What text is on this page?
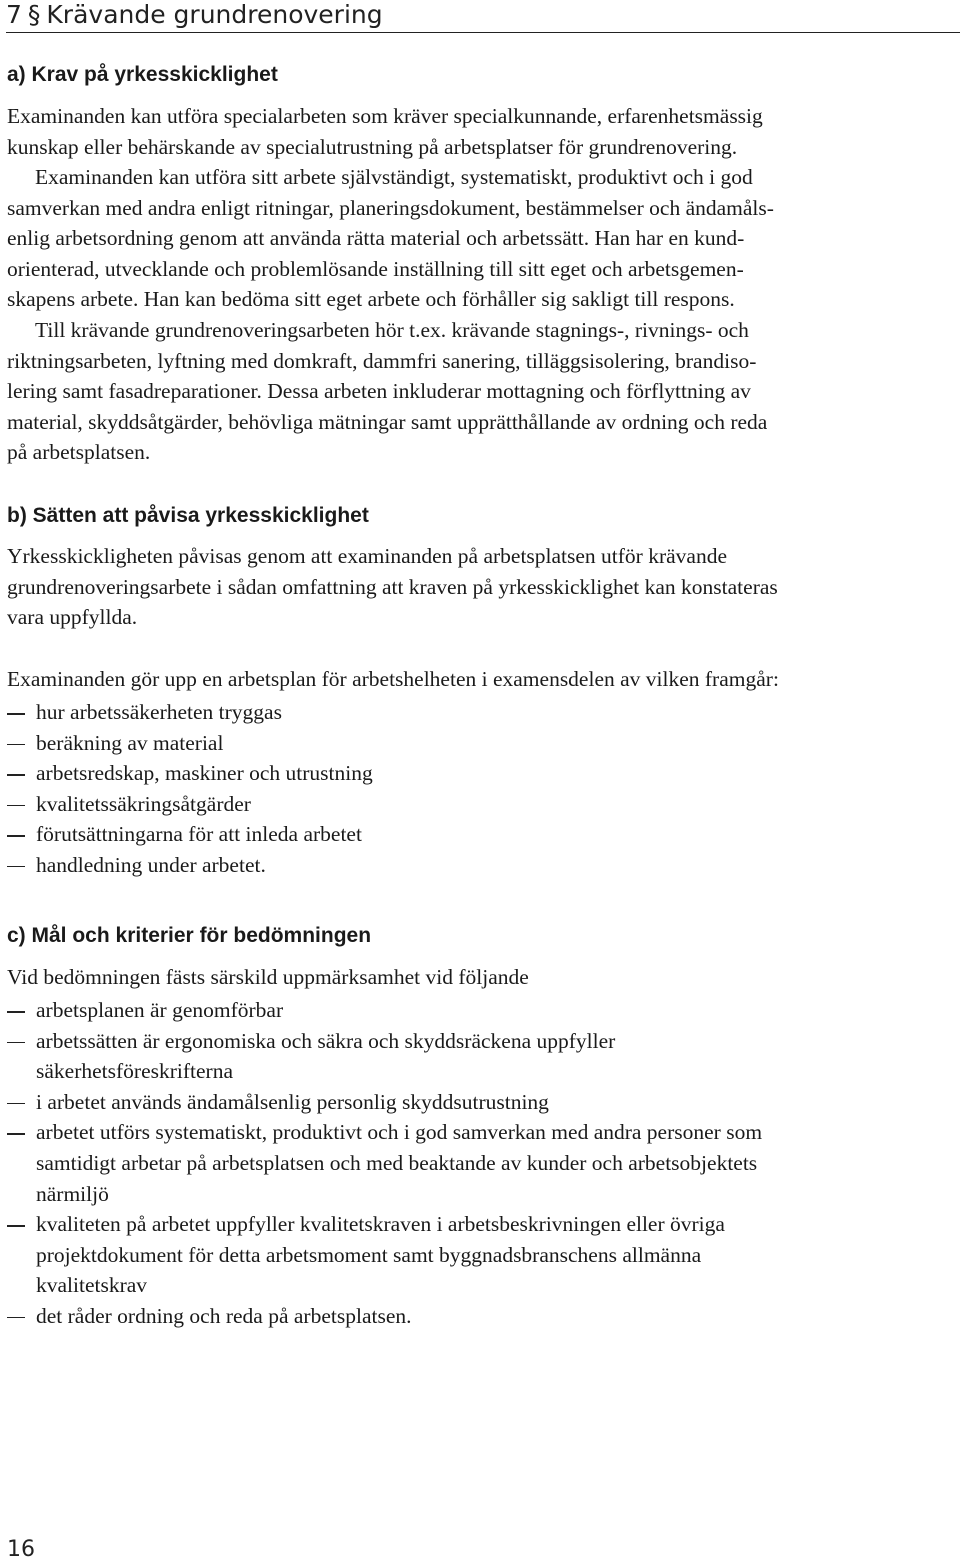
7 § Krävande grundrenovering
a) Krav på yrkesskicklighet
Examinanden kan utföra specialarbeten som kräver specialkunnande, erfarenhetsmässig
kunskap eller behärskande av specialutrustning på arbetsplatser för grundrenovering.
Examinanden kan utföra sitt arbete självständigt, systematiskt, produktivt och i god
samverkan med andra enligt ritningar, planeringsdokument, bestämmelser och ändamåls-
enlig arbetsordning genom att använda rätta material och arbetssätt. Han har en kund-
orienterad, utvecklande och problemlösande inställning till sitt eget och arbetsgemen-
skapens arbete. Han kan bedöma sitt eget arbete och förhåller sig sakligt till respons.
Till krävande grundrenoveringsarbeten hör t.ex. krävande stagnings-, rivnings- och
riktningsarbeten, lyftning med domkraft, dammfri sanering, tilläggsisolering, brandiso-
lering samt fasadreparationer. Dessa arbeten inkluderar mottagning och förflyttning av
material, skyddsåtgärder, behövliga mätningar samt upprätthållande av ordning och reda
på arbetsplatsen.
b) Sätten att påvisa yrkesskicklighet
Yrkesskickligheten påvisas genom att examinanden på arbetsplatsen utför krävande
grundrenoveringsarbete i sådan omfattning att kraven på yrkesskicklighet kan konstateras
vara uppfyllda.
Examinanden gör upp en arbetsplan för arbetshelheten i examensdelen av vilken framgår:
hur arbetssäkerheten tryggas
beräkning av material
arbetsredskap, maskiner och utrustning
kvalitetssäkringsåtgärder
förutsättningarna för att inleda arbetet
handledning under arbetet.
c) Mål och kriterier för bedömningen
Vid bedömningen fästs särskild uppmärksamhet vid följande
arbetsplanen är genomförbar
arbetssätten är ergonomiska och säkra och skyddsräckena uppfyller
säkerhetsföreskrifterna
i arbetet används ändamålsenlig personlig skyddsutrustning
arbetet utförs systematiskt, produktivt och i god samverkan med andra personer som
samtidigt arbetar på arbetsplatsen och med beaktande av kunder och arbetsobjektets
närmiljö
kvaliteten på arbetet uppfyller kvalitetskraven i arbetsbeskrivningen eller övriga
projektdokument för detta arbetsmoment samt byggnadsbranschens allmänna
kvalitetskrav
det råder ordning och reda på arbetsplatsen.
16
